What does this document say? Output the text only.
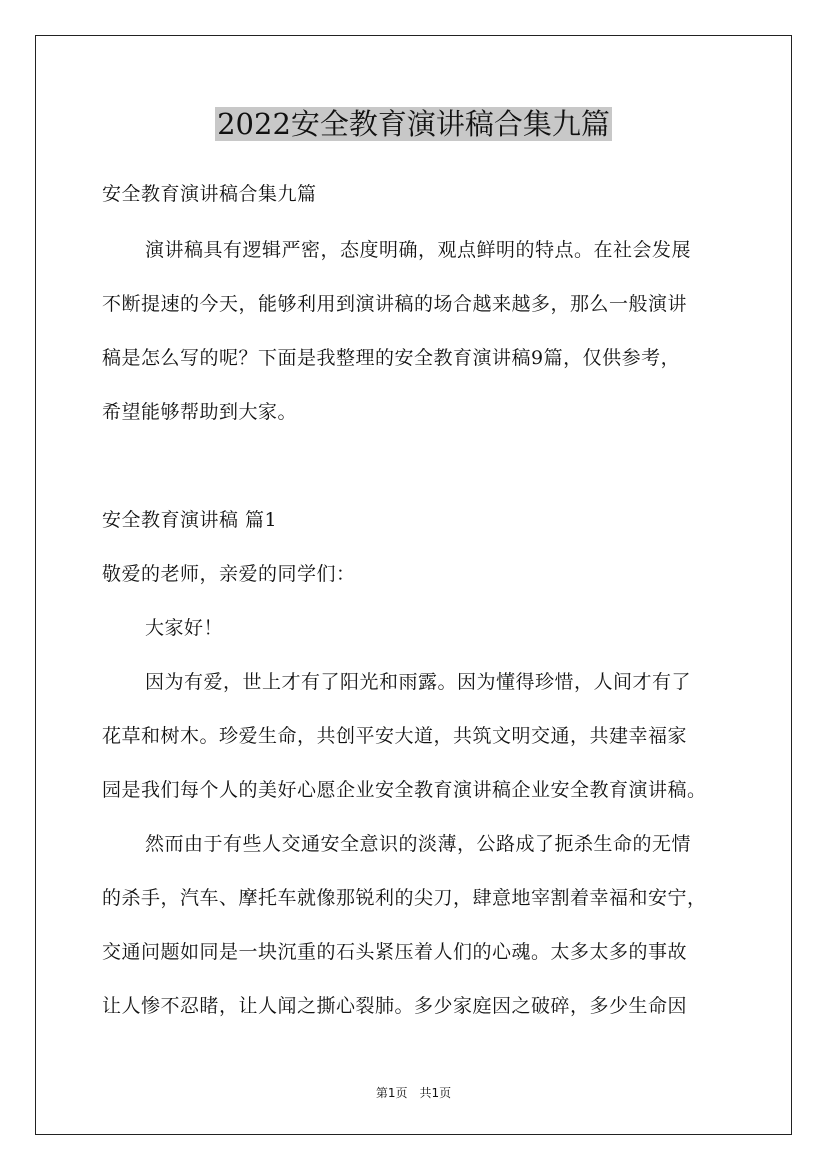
2022安全教育演讲稿合集九篇
安全教育演讲稿合集九篇
演讲稿具有逻辑严密，态度明确，观点鲜明的特点。在社会发展
不断提速的今天，能够利用到演讲稿的场合越来越多，那么一般演讲
稿是怎么写的呢？下面是我整理的安全教育演讲稿9篇，仅供参考，
希望能够帮助到大家。
安全教育演讲稿 篇1
敬爱的老师，亲爱的同学们：
大家好！
因为有爱，世上才有了阳光和雨露。因为懂得珍惜，人间才有了
花草和树木。珍爱生命，共创平安大道，共筑文明交通，共建幸福家
园是我们每个人的美好心愿企业安全教育演讲稿企业安全教育演讲稿。
然而由于有些人交通安全意识的淡薄，公路成了扼杀生命的无情
的杀手，汽车、摩托车就像那锐利的尖刀，肆意地宰割着幸福和安宁，
交通问题如同是一块沉重的石头紧压着人们的心魂。太多太多的事故
让人惨不忍睹，让人闻之撕心裂肺。多少家庭因之破碎，多少生命因
第1页　共1页
